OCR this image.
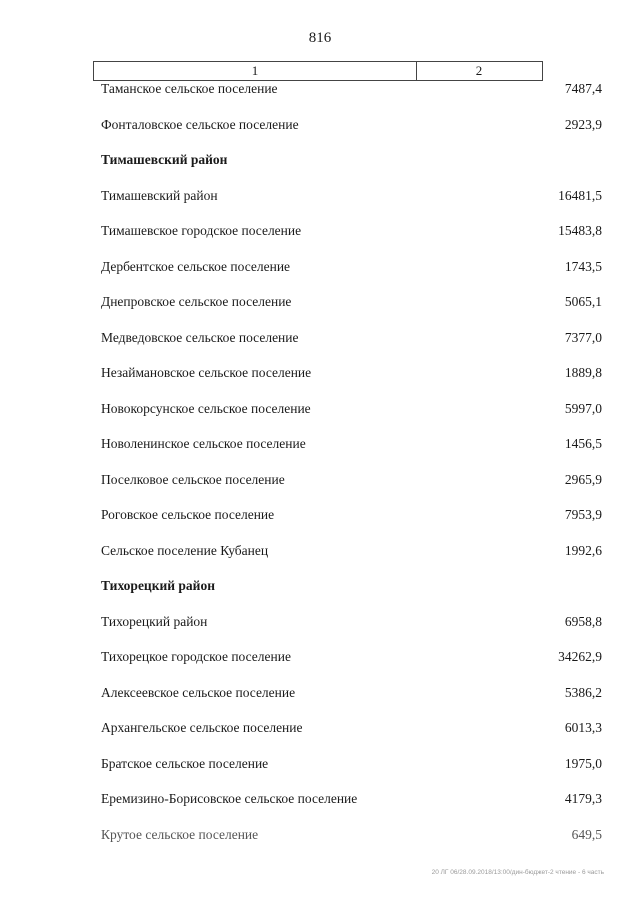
816
1	2
Таманское сельское поселение	7487,4
Фонталовское сельское поселение	2923,9
Тимашевский район
Тимашевский район	16481,5
Тимашевское городское поселение	15483,8
Дербентское сельское поселение	1743,5
Днепровское сельское поселение	5065,1
Медведовское сельское поселение	7377,0
Незаймановское сельское поселение	1889,8
Новокорсунское сельское поселение	5997,0
Новоленинское сельское поселение	1456,5
Поселковое сельское поселение	2965,9
Роговское сельское поселение	7953,9
Сельское поселение Кубанец	1992,6
Тихорецкий район
Тихорецкий район	6958,8
Тихорецкое городское поселение	34262,9
Алексеевское сельское поселение	5386,2
Архангельское сельское поселение	6013,3
Братское сельское поселение	1975,0
Еремизино-Борисовское сельское поселение	4179,3
Крутое сельское поселение	649,5
20 ЛГ 06/28.09.2018/13:00/дин-бюджет-2 чтение - 6 часть
